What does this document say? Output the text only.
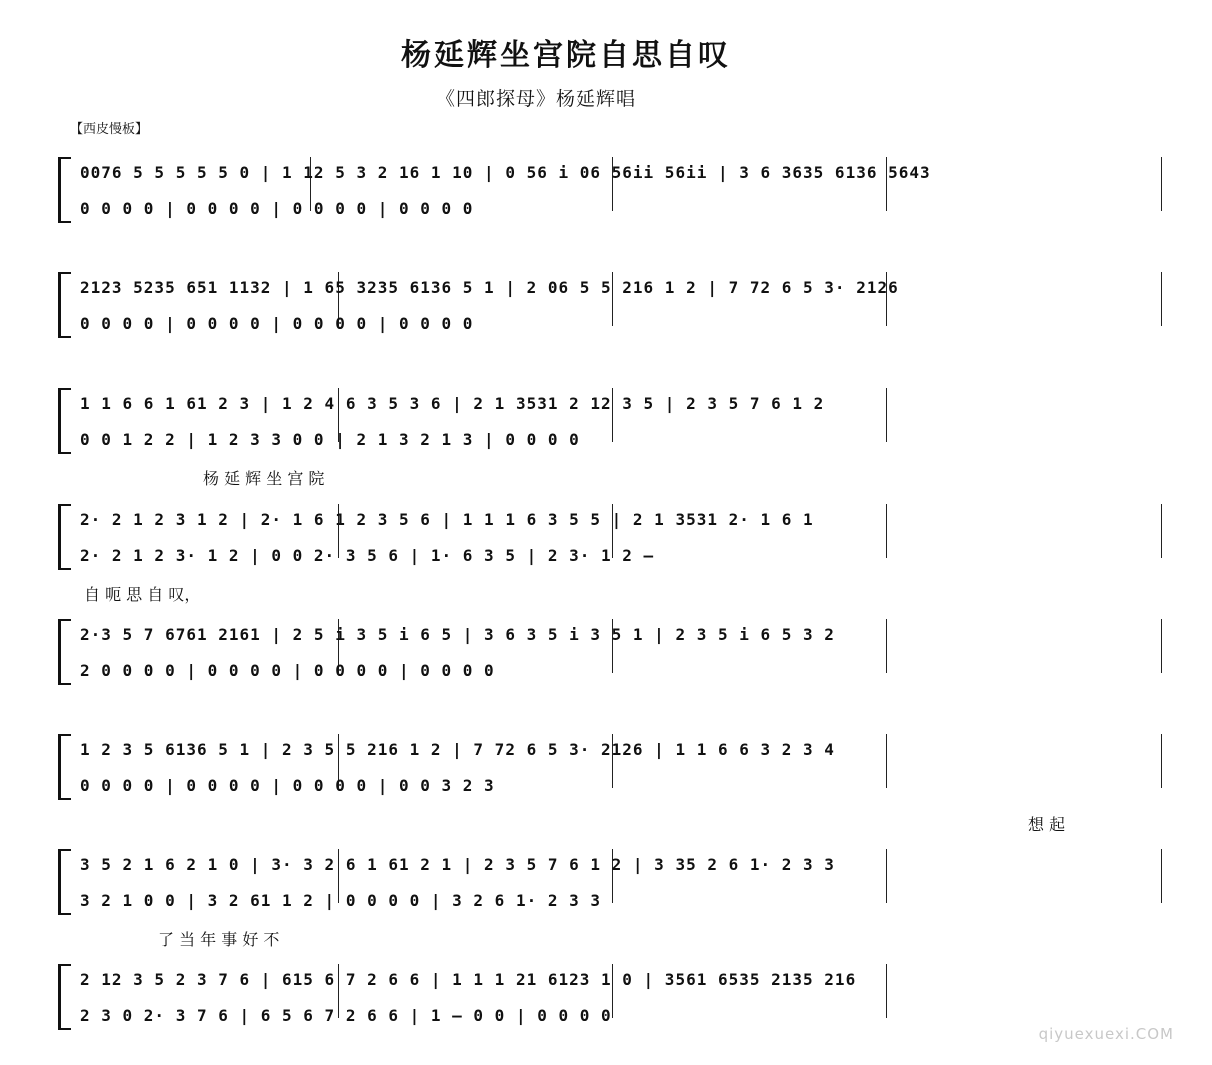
杨延辉坐宫院自思自叹
《四郎探母》杨延辉唱
【西皮慢板】
0076 5 5 5 5 5 0 | 1 12 5 3 2 16 1 10 | 0 56 i 06 56ii 56ii | 3 6 3635 6136 5643
0 0 0 0 | 0 0 0 0 | 0 0 0 0 | 0 0 0 0
2123 5235 651 1132 | 1 65 3235 6136 5 1 | 2 06 5 5 216 1 2 | 7 72 6 5 3· 2126
0 0 0 0 | 0 0 0 0 | 0 0 0 0 | 0 0 0 0
1 1 6 6 1 61 2 3 | 1 2 4 6 3 5 3 6 | 2 1 3531 2 12 3 5 | 2 3 5 7 6 1 2
0 0 1 2 2 | 1 2 3 3 0 0 | 2 1 3 2 1 3 | 0 0 0 0
杨 延 辉 坐 宫 院
2· 2 1 2 3 1 2 | 2· 1 6 1 2 3 5 6 | 1 1 1 6 3 5 5 | 2 1 3531 2· 1 6 1
2· 2 1 2 3· 1 2 | 0 0 2· 3 5 6 | 1· 6 3 5 | 2 3· 1 2 —
自 呃 思 自 叹，
2·3 5 7 6761 2161 | 2 5 i 3 5 i 6 5 | 3 6 3 5 i 3 5 1 | 2 3 5 i 6 5 3 2
2 0 0 0 0 | 0 0 0 0 | 0 0 0 0 | 0 0 0 0
1 2 3 5 6136 5 1 | 2 3 5 5 216 1 2 | 7 72 6 5 3· 2126 | 1 1 6 6 3 2 3 4
0 0 0 0 | 0 0 0 0 | 0 0 0 0 | 0 0 3 2 3
想 起
3 5 2 1 6 2 1 0 | 3· 3 2 6 1 61 2 1 | 2 3 5 7 6 1 2 | 3 35 2 6 1· 2 3 3
3 2 1 0 0 | 3 2 61 1 2 | 0 0 0 0 | 3 2 6 1· 2 3 3
了 当 年 事 好 不
2 12 3 5 2 3 7 6 | 615 6 7 2 6 6 | 1 1 1 21 6123 1 0 | 3561 6535 2135 216
2 3 0 2· 3 7 6 | 6 5 6 7 2 6 6 | 1 — 0 0 | 0 0 0 0
qiyuexuexi.COM
